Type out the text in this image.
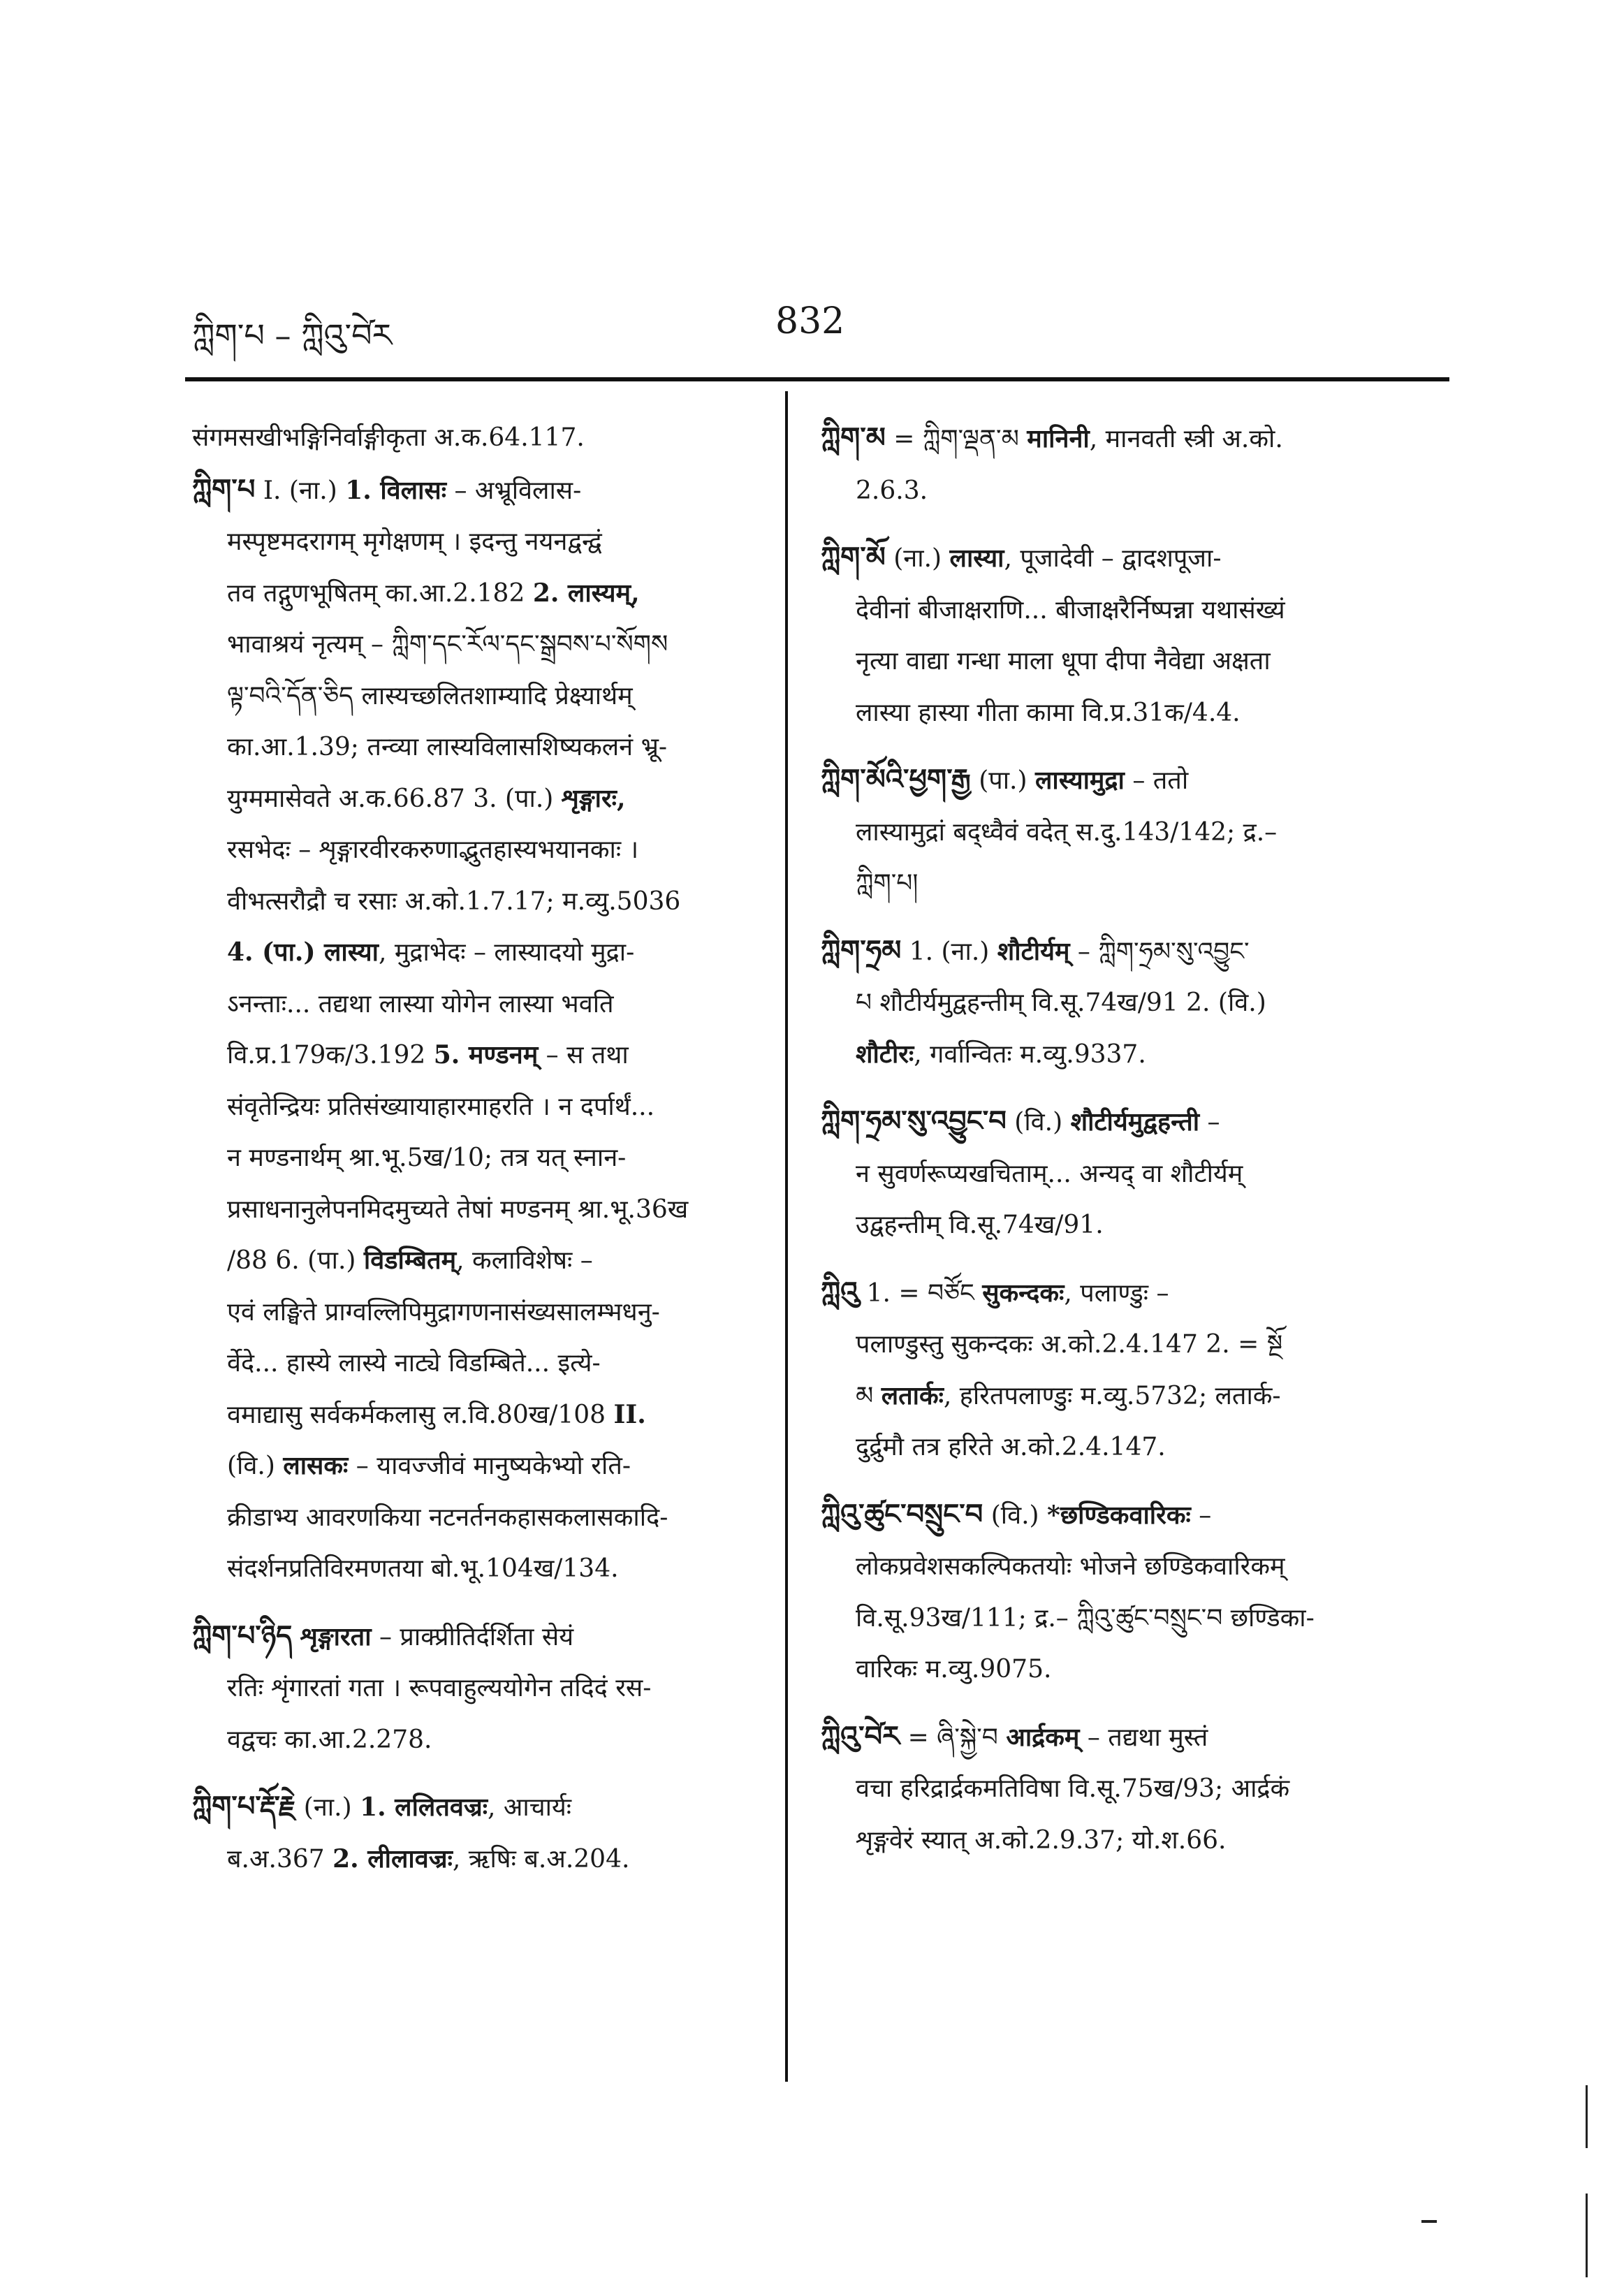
ཀླིག་པ – ཀླིའུ་བེ༹ར	832
संगमसखीभङ्गिनिर्वाङ्गीकृता अ.क.64.117.
ཀླིག་པ I. (ना.) 1. विलासः – अभ्रूविलास-
मस्पृष्टमदरागम् मृगेक्षणम् । इदन्तु नयनद्वन्द्वं
तव तद्गुणभूषितम् का.आ.2.182 2. लास्यम्,
भावाश्रयं नृत्यम् – ཀླིག་དང་རོལ་དང་སྒྲབས་པ་སོགས
ལྟ་བའི་དོན་ཅིད लास्यच्छलितशाम्यादि प्रेक्ष्यार्थम्
का.आ.1.39; तन्व्या लास्यविलासशिष्यकलनं भ्रू-
युग्ममासेवते अ.क.66.87 3. (पा.) शृङ्गारः,
रसभेदः – शृङ्गारवीरकरुणाद्भुतहास्यभयानकाः ।
वीभत्सरौद्रौ च रसाः अ.को.1.7.17; म.व्यु.5036
4. (पा.) लास्या, मुद्राभेदः – लास्यादयो मुद्रा-
ऽनन्ताः... तद्यथा लास्या योगेन लास्या भवति
वि.प्र.179क/3.192 5. मण्डनम् – स तथा
संवृतेन्द्रियः प्रतिसंख्यायाहारमाहरति । न दर्पार्थं...
न मण्डनार्थम् श्रा.भू.5ख/10; तत्र यत् स्नान-
प्रसाधनानुलेपनमिदमुच्यते तेषां मण्डनम् श्रा.भू.36ख
/88 6. (पा.) विडम्बितम्, कलाविशेषः –
एवं लङ्घिते प्राग्वल्लिपिमुद्रागणनासंख्यसालम्भधनु-
र्वेदे... हास्ये लास्ये नाट्ये विडम्बिते... इत्ये-
वमाद्यासु सर्वकर्मकलासु ल.वि.80ख/108 II.
(वि.) लासकः – यावज्जीवं मानुष्यकेभ्यो रति-
क्रीडाभ्य आवरणकिया नटनर्तनकहासकलासकादि-
संदर्शनप्रतिविरमणतया बो.भू.104ख/134.
ཀླིག་པ་ཉིད शृङ्गारता – प्राक्प्रीतिर्दर्शिता सेयं
रतिः शृंगारतां गता । रूपवाहुल्ययोगेन तदिदं रस-
वद्वचः का.आ.2.278.
ཀླིག་པ་རྡོ་རྗེ (ना.) 1. ललितवज्रः, आचार्यः
ब.अ.367 2. लीलावज्रः, ऋषिः ब.अ.204.
ཀླིག་མ = ཀླིག་ལྡན་མ मानिनी, मानवती स्त्री अ.को.
2.6.3.
ཀླིག་མོ (ना.) लास्या, पूजादेवी – द्वादशपूजा-
देवीनां बीजाक्षराणि... बीजाक्षरैर्निष्पन्ना यथासंख्यं
नृत्या वाद्या गन्धा माला धूपा दीपा नैवेद्या अक्षता
लास्या हास्या गीता कामा वि.प्र.31क/4.4.
ཀླིག་མོའི་ཕྱག་རྒྱ (पा.) लास्यामुद्रा – ततो
लास्यामुद्रां बद्ध्वैवं वदेत् स.दु.143/142; द्र.–
ཀླིག་པ།
ཀླིག་ཧྲམ 1. (ना.) शौटीर्यम् – ཀླིག་ཧྲམ་སུ་འབྱུང་
པ शौटीर्यमुद्वहन्तीम् वि.सू.74ख/91 2. (वि.)
शौटीरः, गर्वान्वितः म.व्यु.9337.
ཀླིག་ཧྲམ་སུ་འབྱུང་བ (वि.) शौटीर्यमुद्वहन्ती –
न सुवर्णरूप्यखचिताम्... अन्यद् वा शौटीर्यम्
उद्वहन्तीम् वि.सू.74ख/91.
ཀླིའུ 1. = བཙོང सुकन्दकः, पलाण्डुः –
पलाण्डुस्तु सुकन्दकः अ.को.2.4.147 2. = སྔོ
མ लतार्कः, हरितपलाण्डुः म.व्यु.5732; लतार्क-
दुर्द्रुमौ तत्र हरिते अ.को.2.4.147.
ཀླིའུ་ཚུང་བསྲུང་བ (वि.) *छण्डिकवारिकः –
लोकप्रवेशसकल्पिकतयोः भोजने छण्डिकवारिकम्
वि.सू.93ख/111; द्र.– ཀླིའུ་ཚུང་བསྲུང་བ छण्डिका-
वारिकः म.व्यु.9075.
ཀླིའུ་བེ༹ར = ཞི་སྐྱེ་བ आर्द्रकम् – तद्यथा मुस्तं
वचा हरिद्रार्द्रकमतिविषा वि.सू.75ख/93; आर्द्रकं
शृङ्गवेरं स्यात् अ.को.2.9.37; यो.श.66.
